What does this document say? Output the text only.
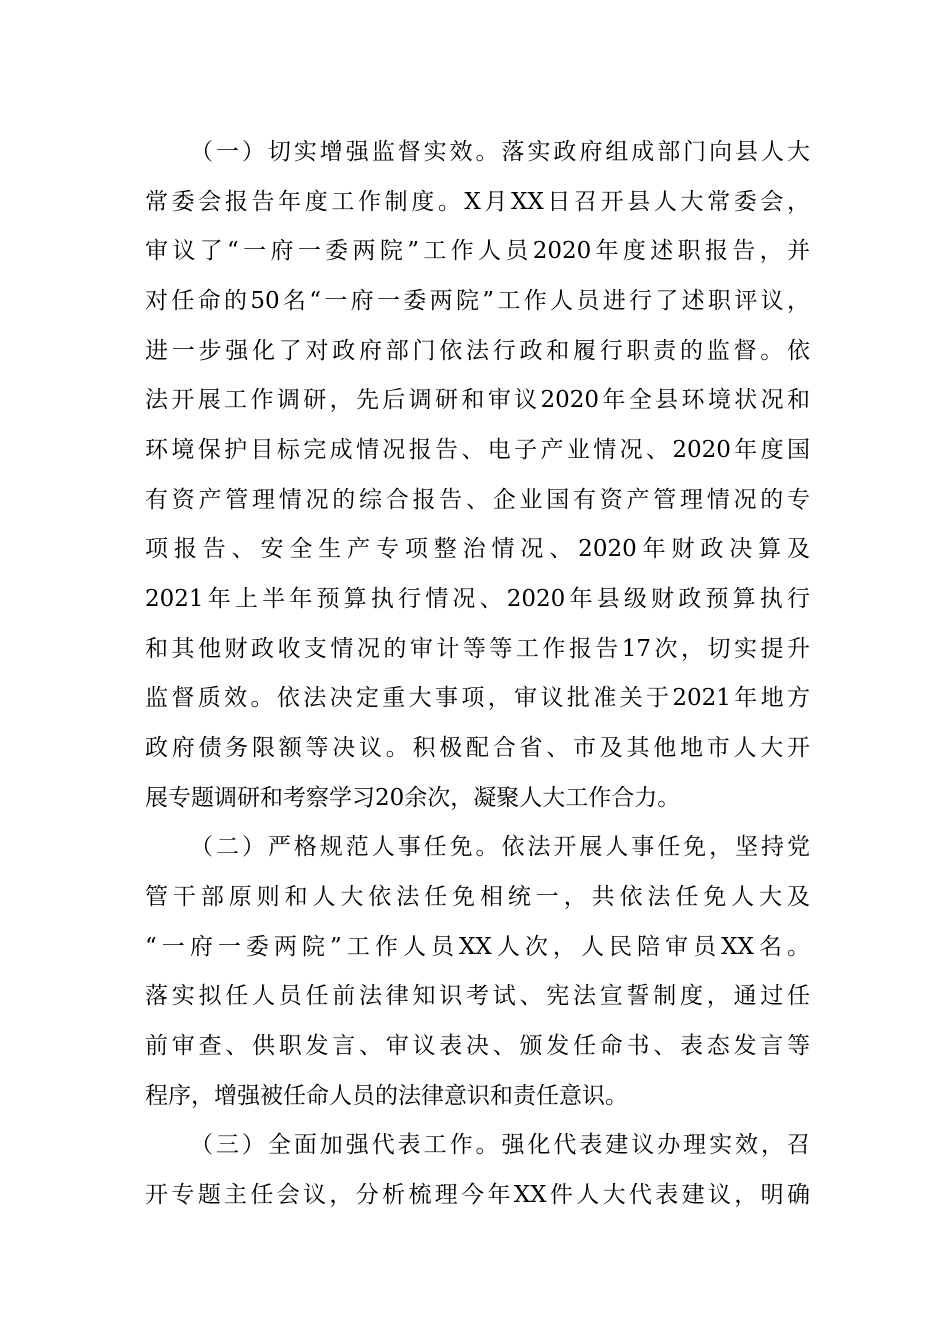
（一）切实增强监督实效。落实政府组成部门向县人大
常委会报告年度工作制度。X月XX日召开县人大常委会，
审议了“一府一委两院”工作人员2020年度述职报告，并
对任命的50名“一府一委两院”工作人员进行了述职评议，
进一步强化了对政府部门依法行政和履行职责的监督。依
法开展工作调研，先后调研和审议2020年全县环境状况和
环境保护目标完成情况报告、电子产业情况、2020年度国
有资产管理情况的综合报告、企业国有资产管理情况的专
项报告、安全生产专项整治情况、2020年财政决算及
2021年上半年预算执行情况、2020年县级财政预算执行
和其他财政收支情况的审计等等工作报告17次，切实提升
监督质效。依法决定重大事项，审议批准关于2021年地方
政府债务限额等决议。积极配合省、市及其他地市人大开
展专题调研和考察学习20余次，凝聚人大工作合力。
（二）严格规范人事任免。依法开展人事任免，坚持党
管干部原则和人大依法任免相统一，共依法任免人大及
“一府一委两院”工作人员XX人次，人民陪审员XX名。
落实拟任人员任前法律知识考试、宪法宣誓制度，通过任
前审查、供职发言、审议表决、颁发任命书、表态发言等
程序，增强被任命人员的法律意识和责任意识。
（三）全面加强代表工作。强化代表建议办理实效，召
开专题主任会议，分析梳理今年XX件人大代表建议，明确
